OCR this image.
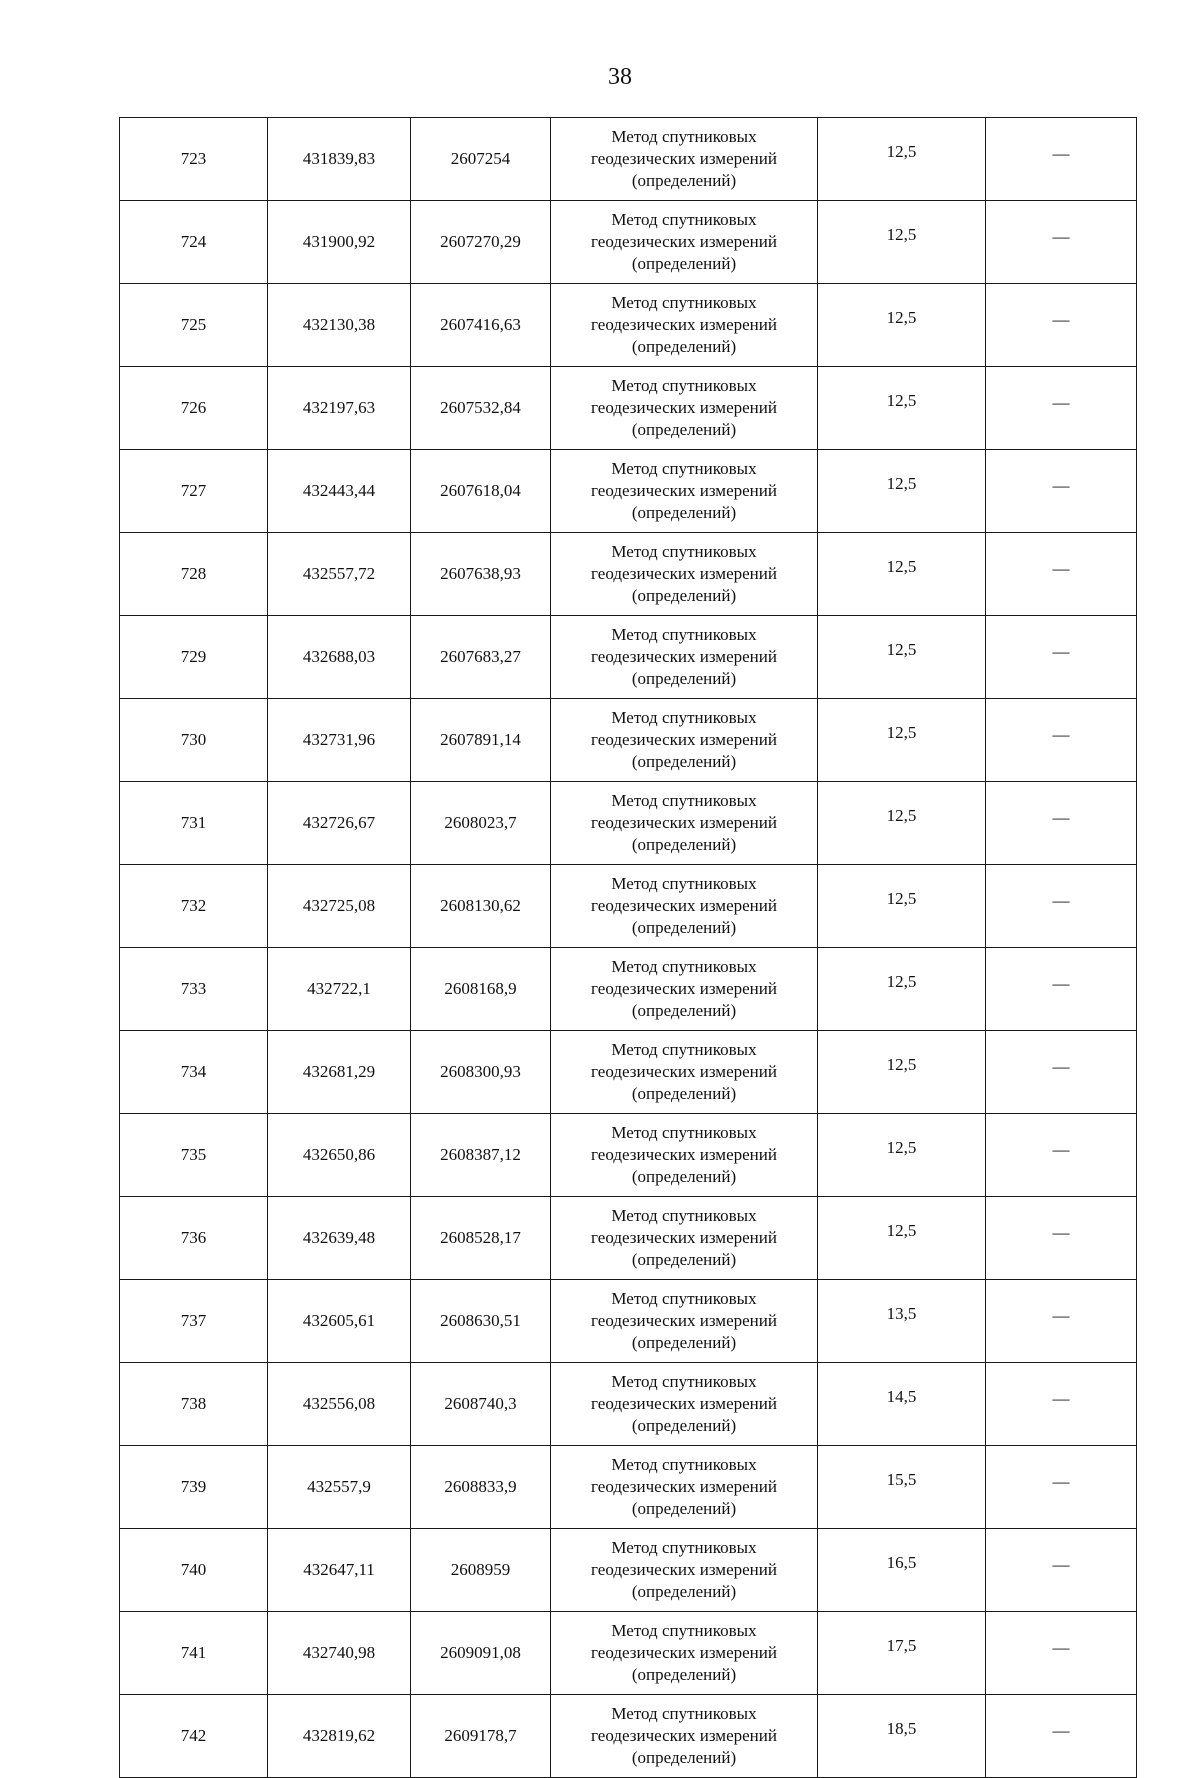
38
723	431839,83	2607254	Метод спутниковых
геодезических измерений
(определений)	12,5	—
724	431900,92	2607270,29	Метод спутниковых
геодезических измерений
(определений)	12,5	—
725	432130,38	2607416,63	Метод спутниковых
геодезических измерений
(определений)	12,5	—
726	432197,63	2607532,84	Метод спутниковых
геодезических измерений
(определений)	12,5	—
727	432443,44	2607618,04	Метод спутниковых
геодезических измерений
(определений)	12,5	—
728	432557,72	2607638,93	Метод спутниковых
геодезических измерений
(определений)	12,5	—
729	432688,03	2607683,27	Метод спутниковых
геодезических измерений
(определений)	12,5	—
730	432731,96	2607891,14	Метод спутниковых
геодезических измерений
(определений)	12,5	—
731	432726,67	2608023,7	Метод спутниковых
геодезических измерений
(определений)	12,5	—
732	432725,08	2608130,62	Метод спутниковых
геодезических измерений
(определений)	12,5	—
733	432722,1	2608168,9	Метод спутниковых
геодезических измерений
(определений)	12,5	—
734	432681,29	2608300,93	Метод спутниковых
геодезических измерений
(определений)	12,5	—
735	432650,86	2608387,12	Метод спутниковых
геодезических измерений
(определений)	12,5	—
736	432639,48	2608528,17	Метод спутниковых
геодезических измерений
(определений)	12,5	—
737	432605,61	2608630,51	Метод спутниковых
геодезических измерений
(определений)	13,5	—
738	432556,08	2608740,3	Метод спутниковых
геодезических измерений
(определений)	14,5	—
739	432557,9	2608833,9	Метод спутниковых
геодезических измерений
(определений)	15,5	—
740	432647,11	2608959	Метод спутниковых
геодезических измерений
(определений)	16,5	—
741	432740,98	2609091,08	Метод спутниковых
геодезических измерений
(определений)	17,5	—
742	432819,62	2609178,7	Метод спутниковых
геодезических измерений
(определений)	18,5	—
